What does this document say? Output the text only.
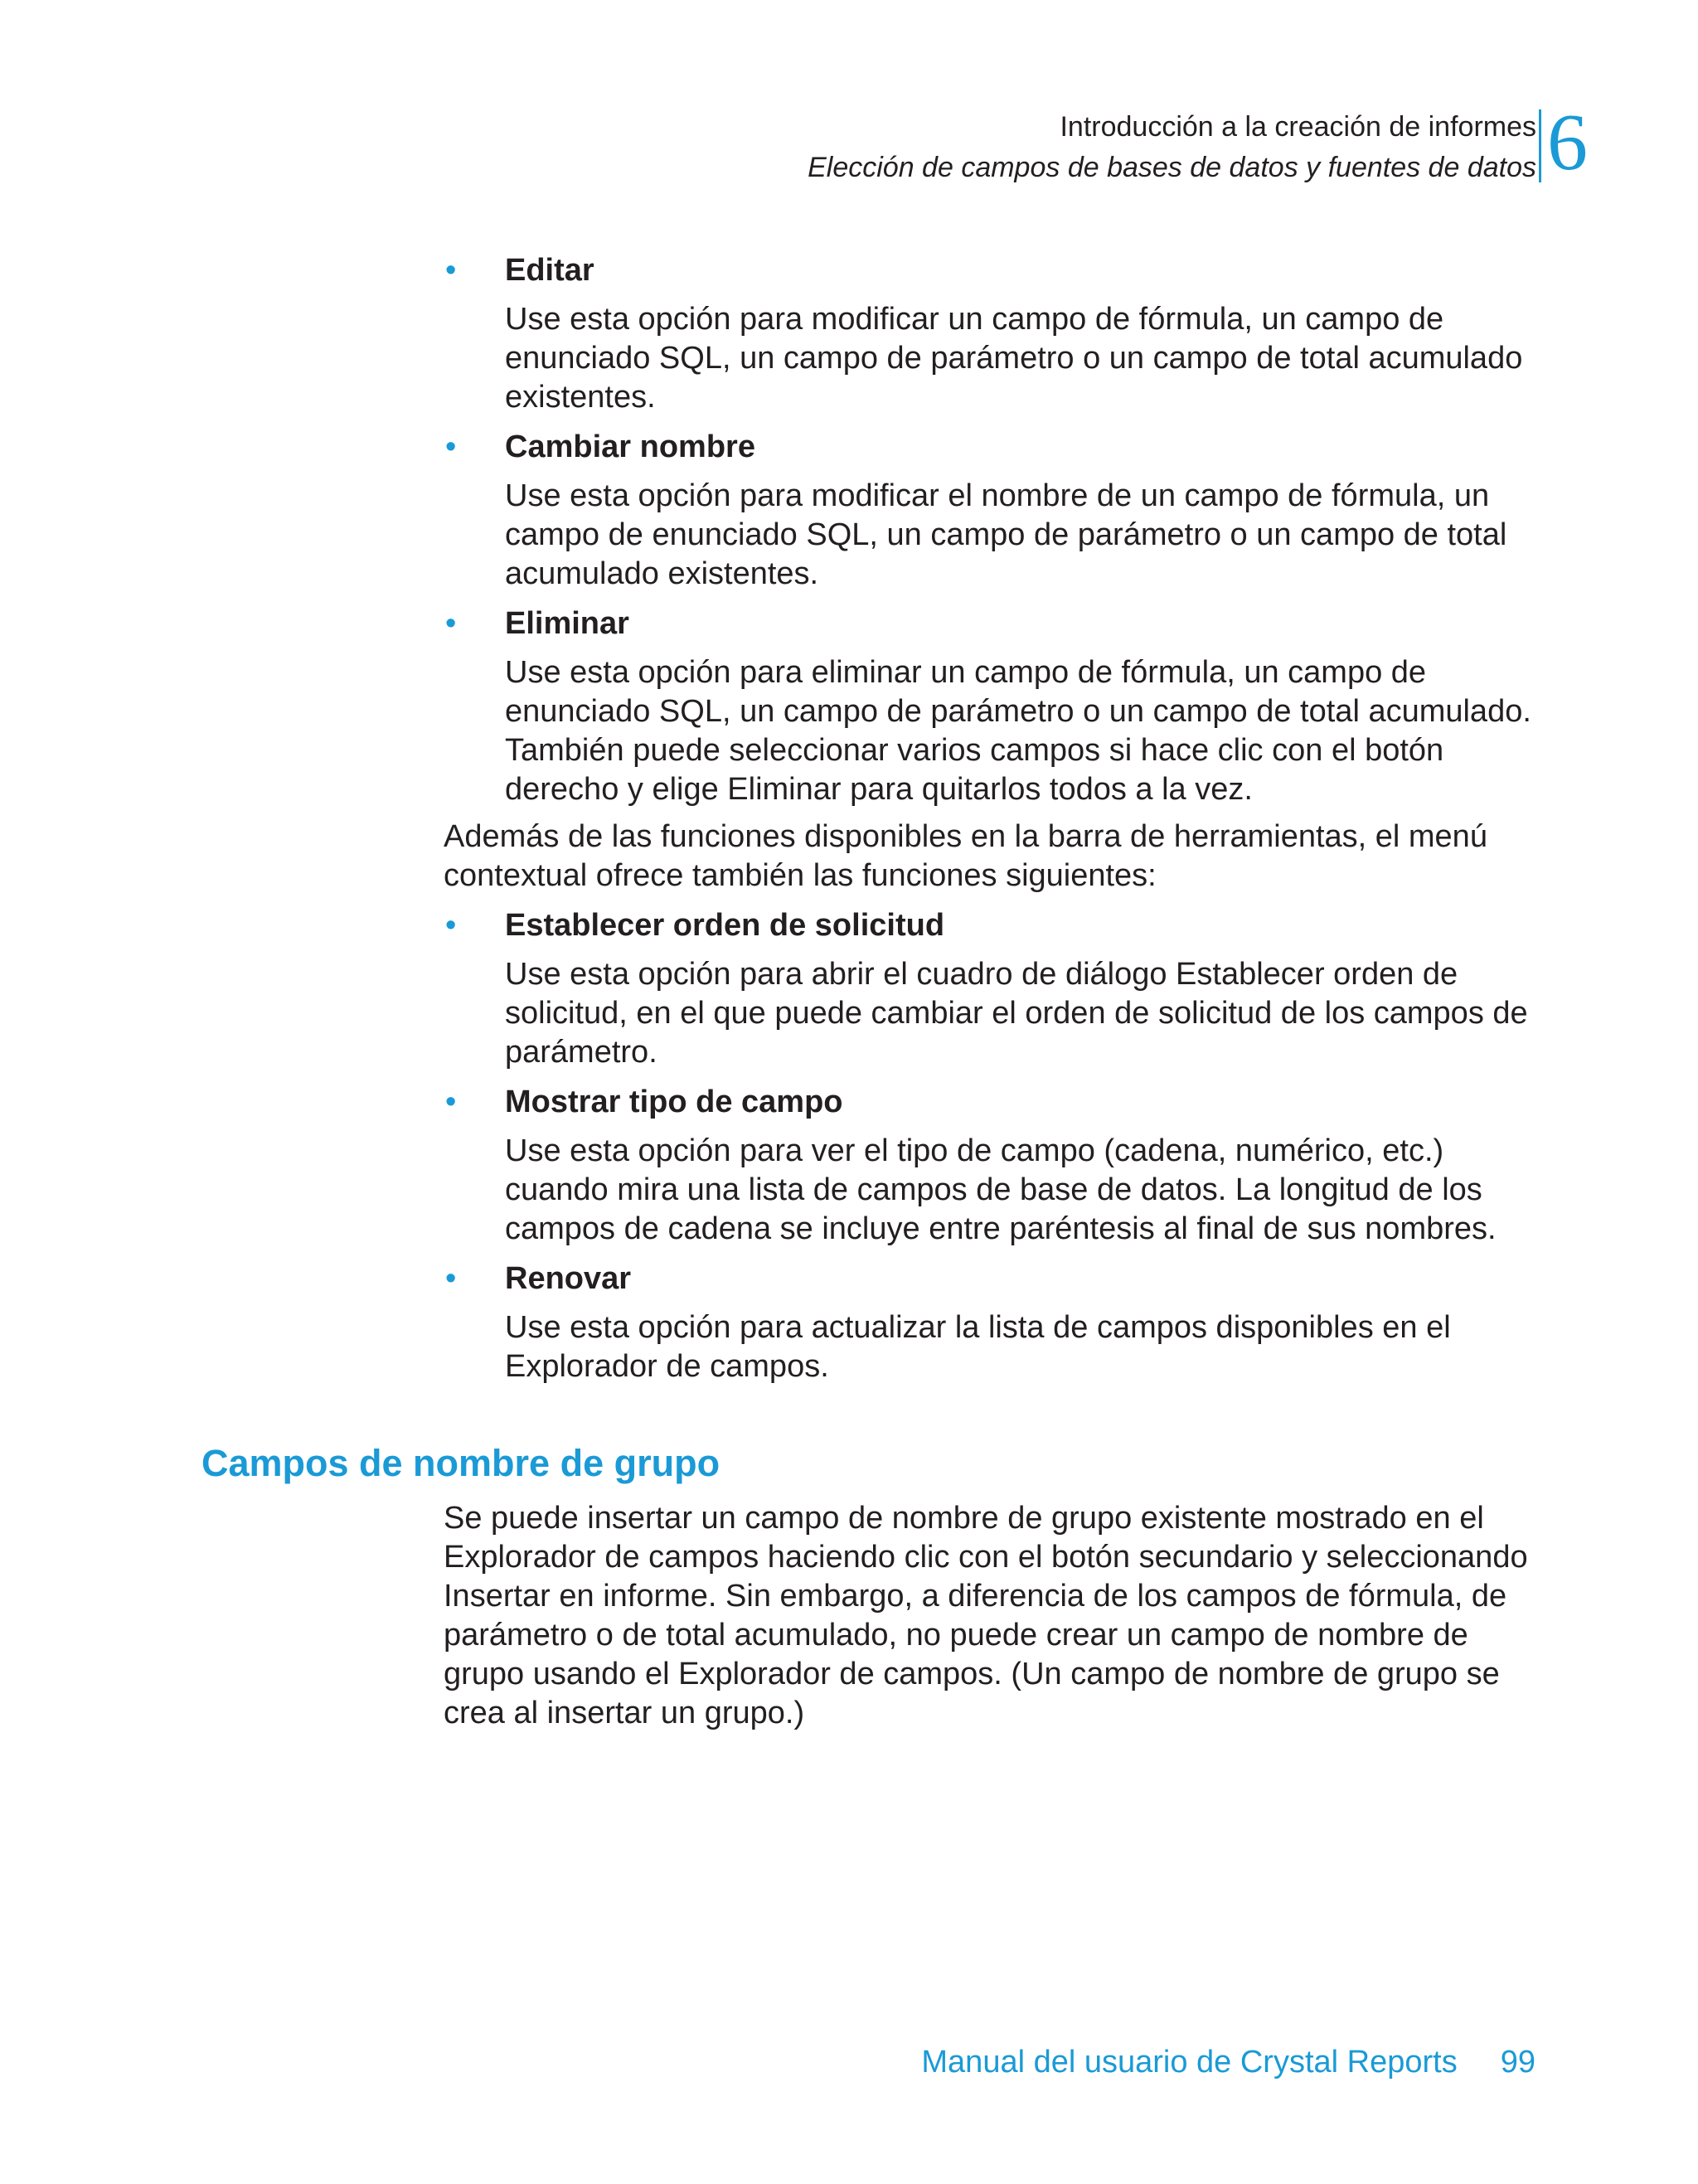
Introducción a la creación de informes
Elección de campos de bases de datos y fuentes de datos 6
• Editar

Use esta opción para modificar un campo de fórmula, un campo de enunciado SQL, un campo de parámetro o un campo de total acumulado existentes.

• Cambiar nombre

Use esta opción para modificar el nombre de un campo de fórmula, un campo de enunciado SQL, un campo de parámetro o un campo de total acumulado existentes.

• Eliminar

Use esta opción para eliminar un campo de fórmula, un campo de enunciado SQL, un campo de parámetro o un campo de total acumulado. También puede seleccionar varios campos si hace clic con el botón derecho y elige Eliminar para quitarlos todos a la vez.

Además de las funciones disponibles en la barra de herramientas, el menú contextual ofrece también las funciones siguientes:

• Establecer orden de solicitud

Use esta opción para abrir el cuadro de diálogo Establecer orden de solicitud, en el que puede cambiar el orden de solicitud de los campos de parámetro.

• Mostrar tipo de campo

Use esta opción para ver el tipo de campo (cadena, numérico, etc.) cuando mira una lista de campos de base de datos. La longitud de los campos de cadena se incluye entre paréntesis al final de sus nombres.

• Renovar

Use esta opción para actualizar la lista de campos disponibles en el Explorador de campos.

Campos de nombre de grupo

Se puede insertar un campo de nombre de grupo existente mostrado en el Explorador de campos haciendo clic con el botón secundario y seleccionando Insertar en informe. Sin embargo, a diferencia de los campos de fórmula, de parámetro o de total acumulado, no puede crear un campo de nombre de grupo usando el Explorador de campos. (Un campo de nombre de grupo se crea al insertar un grupo.)

Manual del usuario de Crystal Reports 99
